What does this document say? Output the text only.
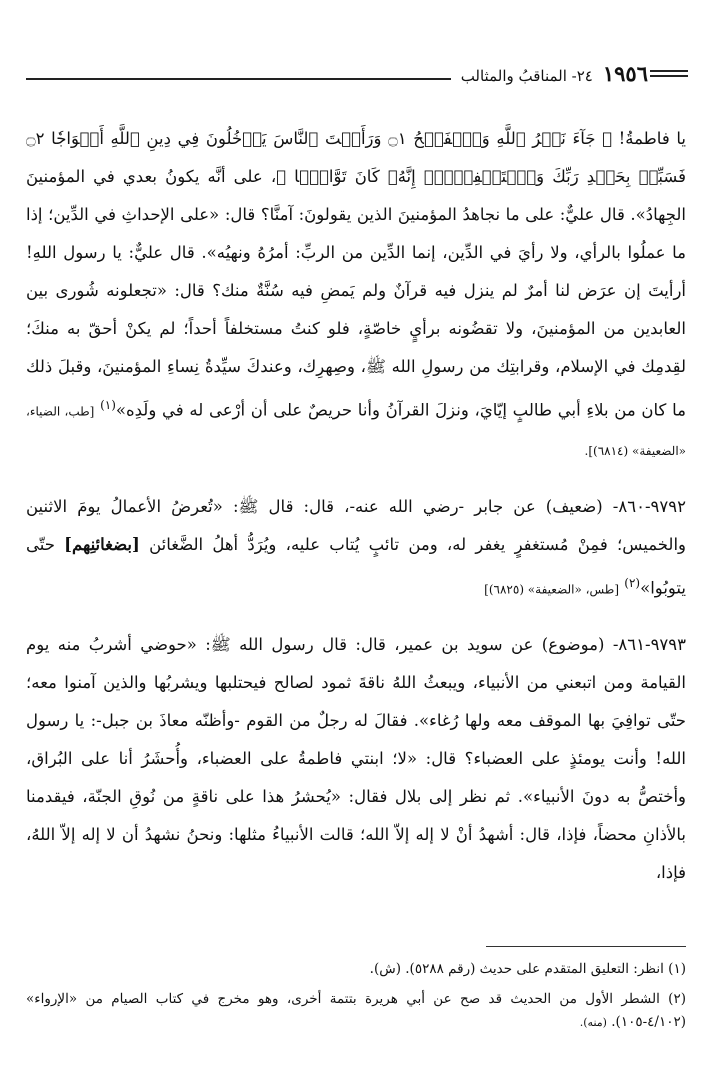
١٩٥٦
٢٤- المناقبُ والمثالب

يا فاطمةُ! ﴿ جَآءَ نَصۡرُ ٱللَّهِ وَٱلۡفَتۡحُ ۝١ وَرَأَيۡتَ ٱلنَّاسَ يَدۡخُلُونَ فِي دِينِ ٱللَّهِ أَفۡوَاجٗا ۝٢ فَسَبِّحۡ بِحَمۡدِ رَبِّكَ وَٱسۡتَغۡفِرۡهُۚ إِنَّهُۥ كَانَ تَوَّابَۢا ﴾، على أنَّه يكونُ بعدي في المؤمنينَ الجِهادُ». قال عليٌّ: على ما نجاهدُ المؤمنينَ الذين يقولونَ: آمنَّا؟ قال: «على الإحداثِ في الدِّين؛ إذا ما عملُوا بالرأي، ولا رأيَ في الدِّين، إنما الدِّين من الربِّ: أمرُهُ ونهيُه». قال عليٌّ: يا رسول اللهِ! أرأيتَ إن عرَض لنا أمرٌ لم ينزل فيه قرآنٌ ولم يَمضِ فيه سُنَّةٌ منك؟ قال: «تجعلونه شُورى بين العابدين من المؤمنينَ، ولا تقضُونه برأيٍ خاصّةٍ، فلو كنتُ مستخلفاً أحداً؛ لم يكنْ أحقّ به منكَ؛ لقِدمِك في الإسلام، وقرابتِك من رسولِ الله ﷺ، وصِهرِك، وعندكَ سيِّدةُ نِساءِ المؤمنينَ، وقبلَ ذلك ما كان من بلاءِ أبي طالبٍ إيّايَ، ونزلَ القرآنُ وأنا حريصٌ على أن أرْعى له في ولَدِه»$^{(١)}$ [طب، الضياء، «الضعيفة» (٦٨١٤)].

٩٧٩٢-٨٦٠- (ضعيف) عن جابر -رضي الله عنه-، قال: قال ﷺ: «تُعرضُ الأعمالُ يومَ الاثنين والخميس؛ فمِنْ مُستغفرٍ يغفر له، ومن تائبٍ يُتاب عليه، ويُرَدُّ أهلُ الضَّغائن [بضغائنِهم] حتّى يتوبُوا»$^{(٢)}$ [طس، «الضعيفة» (٦٨٢٥)]

٩٧٩٣-٨٦١- (موضوع) عن سويد بن عمير، قال: قال رسول الله ﷺ: «حوضي أشربُ منه يوم القيامة ومن اتبعني من الأنبياء، ويبعثُ اللهُ ناقةَ ثمود لصالح فيحتلبها ويشربُها والذين آمنوا معه؛ حتّى توافِيَ بها الموقف معه ولها رُغاء». فقالَ له رجلٌ من القوم -وأظنّه معاذَ بن جبل-: يا رسول الله! وأنت يومئذٍ على العضباء؟ قال: «لا؛ ابنتي فاطمةُ على العضباء، وأُحشَرُ أنا على البُراق، وأختصُّ به دونَ الأنبياء». ثم نظر إلى بلال فقال: «يُحشرُ هذا على ناقةٍ من نُوقِ الجنّة، فيقدمنا بالأذانِ محضاً، فإذا، قال: أشهدُ أنْ لا إله إلاّ الله؛ قالت الأنبياءُ مثلها: ونحنُ نشهدُ أن لا إله إلاّ اللهُ، فإذا،

(١) انظر: التعليق المتقدم على حديث (رقم ٥٢٨٨). (ش).

(٢) الشطر الأول من الحديث قد صح عن أبي هريرة بتتمة أخرى، وهو مخرج في كتاب الصيام من «الإرواء» (٤/١٠٢-١٠٥). (منه).
